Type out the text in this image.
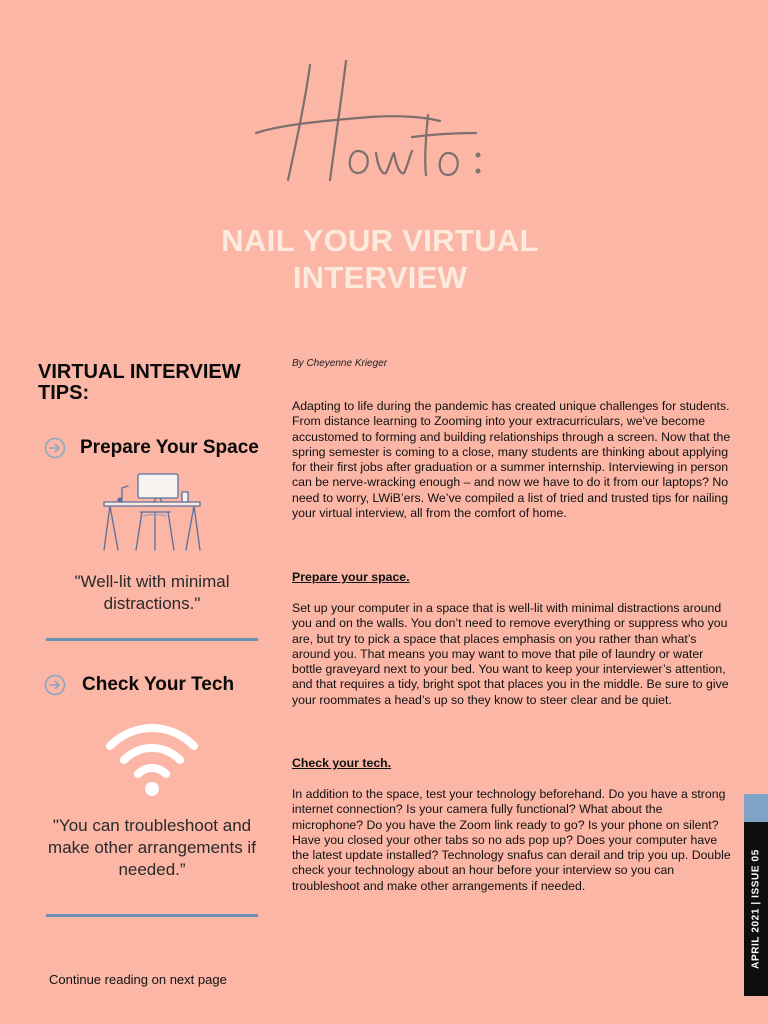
NAIL YOUR VIRTUAL
INTERVIEW
VIRTUAL INTERVIEW TIPS:
Prepare Your Space
"Well-lit with minimal distractions."
Check Your Tech
"You can troubleshoot and make other arrangements if needed.”
Continue reading on next page
By Cheyenne Krieger
Adapting to life during the pandemic has created unique challenges for students. From distance learning to Zooming into your extracurriculars, we've become accustomed to forming and building relationships through a screen. Now that the spring semester is coming to a close, many students are thinking about applying for their first jobs after graduation or a summer internship. Interviewing in person can be nerve-wracking enough – and now we have to do it from our laptops? No need to worry, LWiB’ers. We’ve compiled a list of tried and trusted tips for nailing your virtual interview, all from the comfort of home.
Prepare your space.
Set up your computer in a space that is well-lit with minimal distractions around you and on the walls. You don’t need to remove everything or suppress who you are, but try to pick a space that places emphasis on you rather than what’s around you. That means you may want to move that pile of laundry or water bottle graveyard next to your bed. You want to keep your interviewer’s attention, and that requires a tidy, bright spot that places you in the middle. Be sure to give your roommates a head’s up so they know to steer clear and be quiet.
Check your tech.
In addition to the space, test your technology beforehand. Do you have a strong internet connection? Is your camera fully functional? What about the microphone? Do you have the Zoom link ready to go? Is your phone on silent? Have you closed your other tabs so no ads pop up? Does your computer have the latest update installed? Technology snafus can derail and trip you up. Double check your technology about an hour before your interview so you can troubleshoot and make other arrangements if needed.	APRIL 2021 | ISSUE 05
